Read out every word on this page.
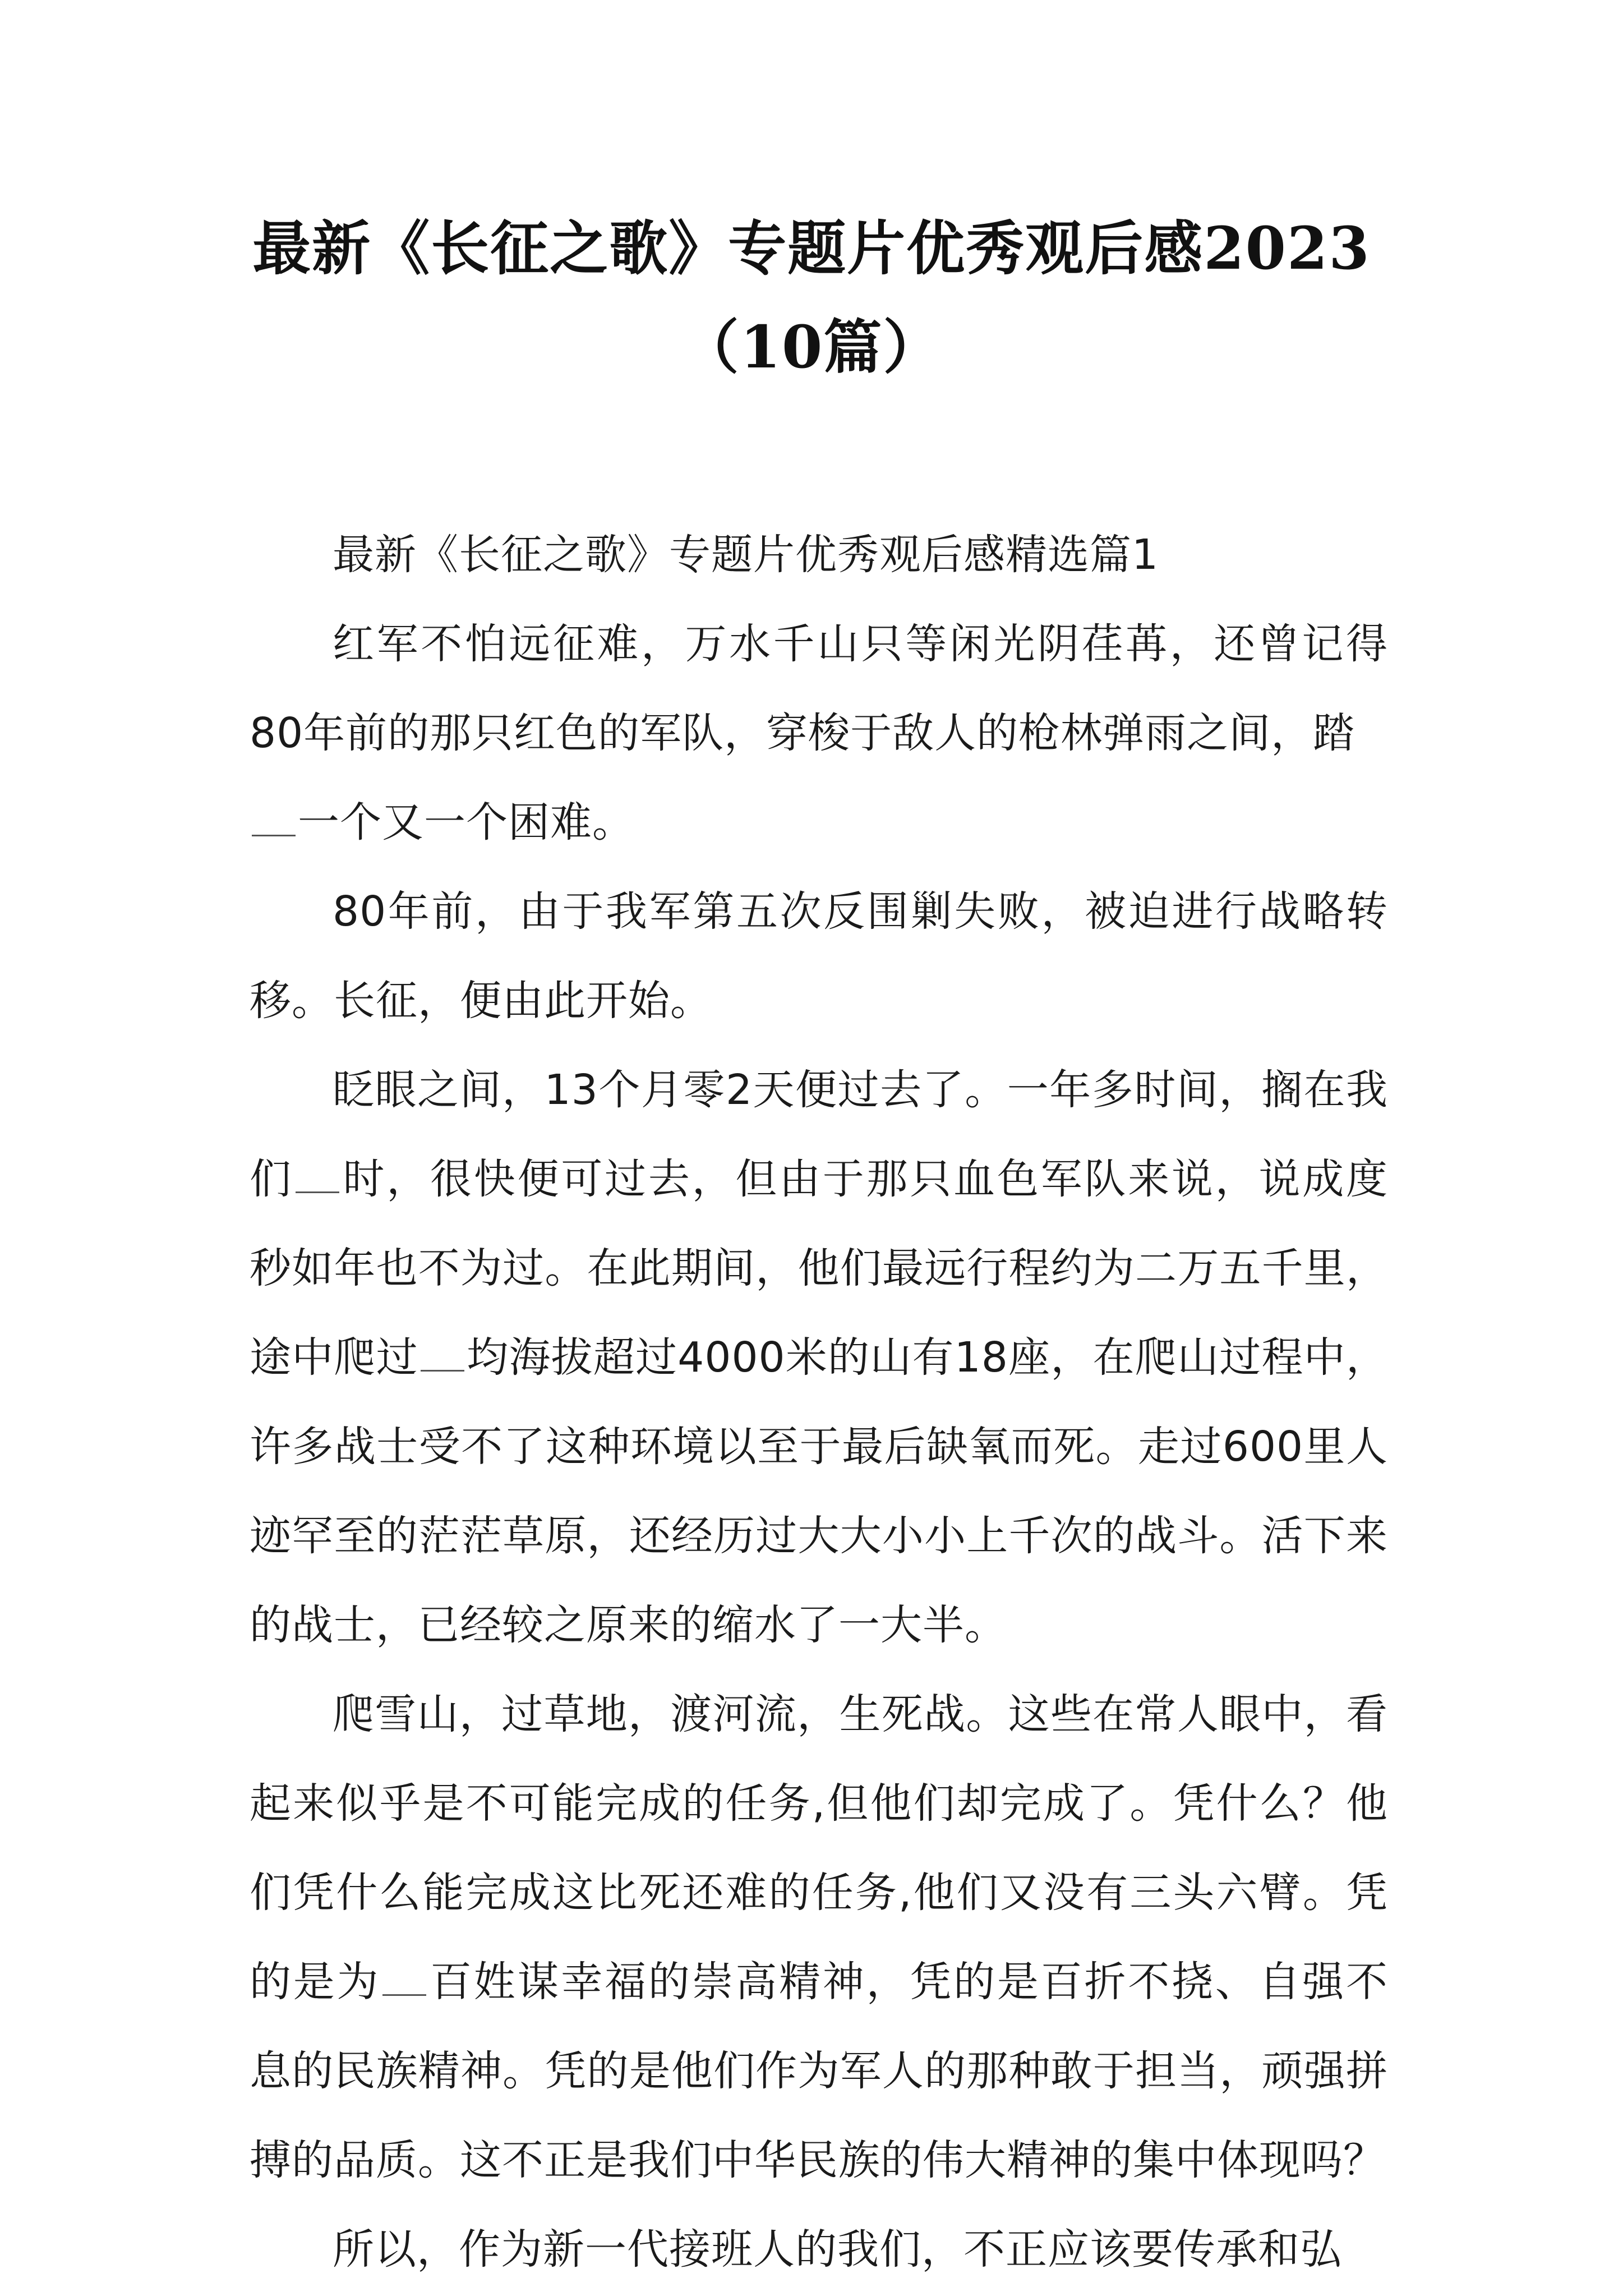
最新《长征之歌》专题片优秀观后感2023
（10篇）

最新《长征之歌》专题片优秀观后感精选篇1

红军不怕远征难，万水千山只等闲光阴荏苒，还曾记得80年前的那只红色的军队，穿梭于敌人的枪林弹雨之间，踏
一个又一个困难。

80年前，由于我军第五次反围剿失败，被迫进行战略转移。长征，便由此开始。

眨眼之间，13个月零2天便过去了。一年多时间，搁在我们 时，很快便可过去，但由于那只血色军队来说，说成度秒如年也不为过。在此期间，他们最远行程约为二万五千里，途中爬过 均海拔超过4000米的山有18座，在爬山过程中，许多战士受不了这种环境以至于最后缺氧而死。走过600里人迹罕至的茫茫草原，还经历过大大小小上千次的战斗。活下来的战士，已经较之原来的缩水了一大半。

爬雪山，过草地，渡河流，生死战。这些在常人眼中，看起来似乎是不可能完成的任务,但他们却完成了。凭什么？他们凭什么能完成这比死还难的任务,他们又没有三头六臂。凭的是为 百姓谋幸福的崇高精神，凭的是百折不挠、自强不息的民族精神。凭的是他们作为军人的那种敢于担当，顽强拼搏的品质。这不正是我们中华民族的伟大精神的集中体现吗？

所以，作为新一代接班人的我们，不正应该要传承和弘
